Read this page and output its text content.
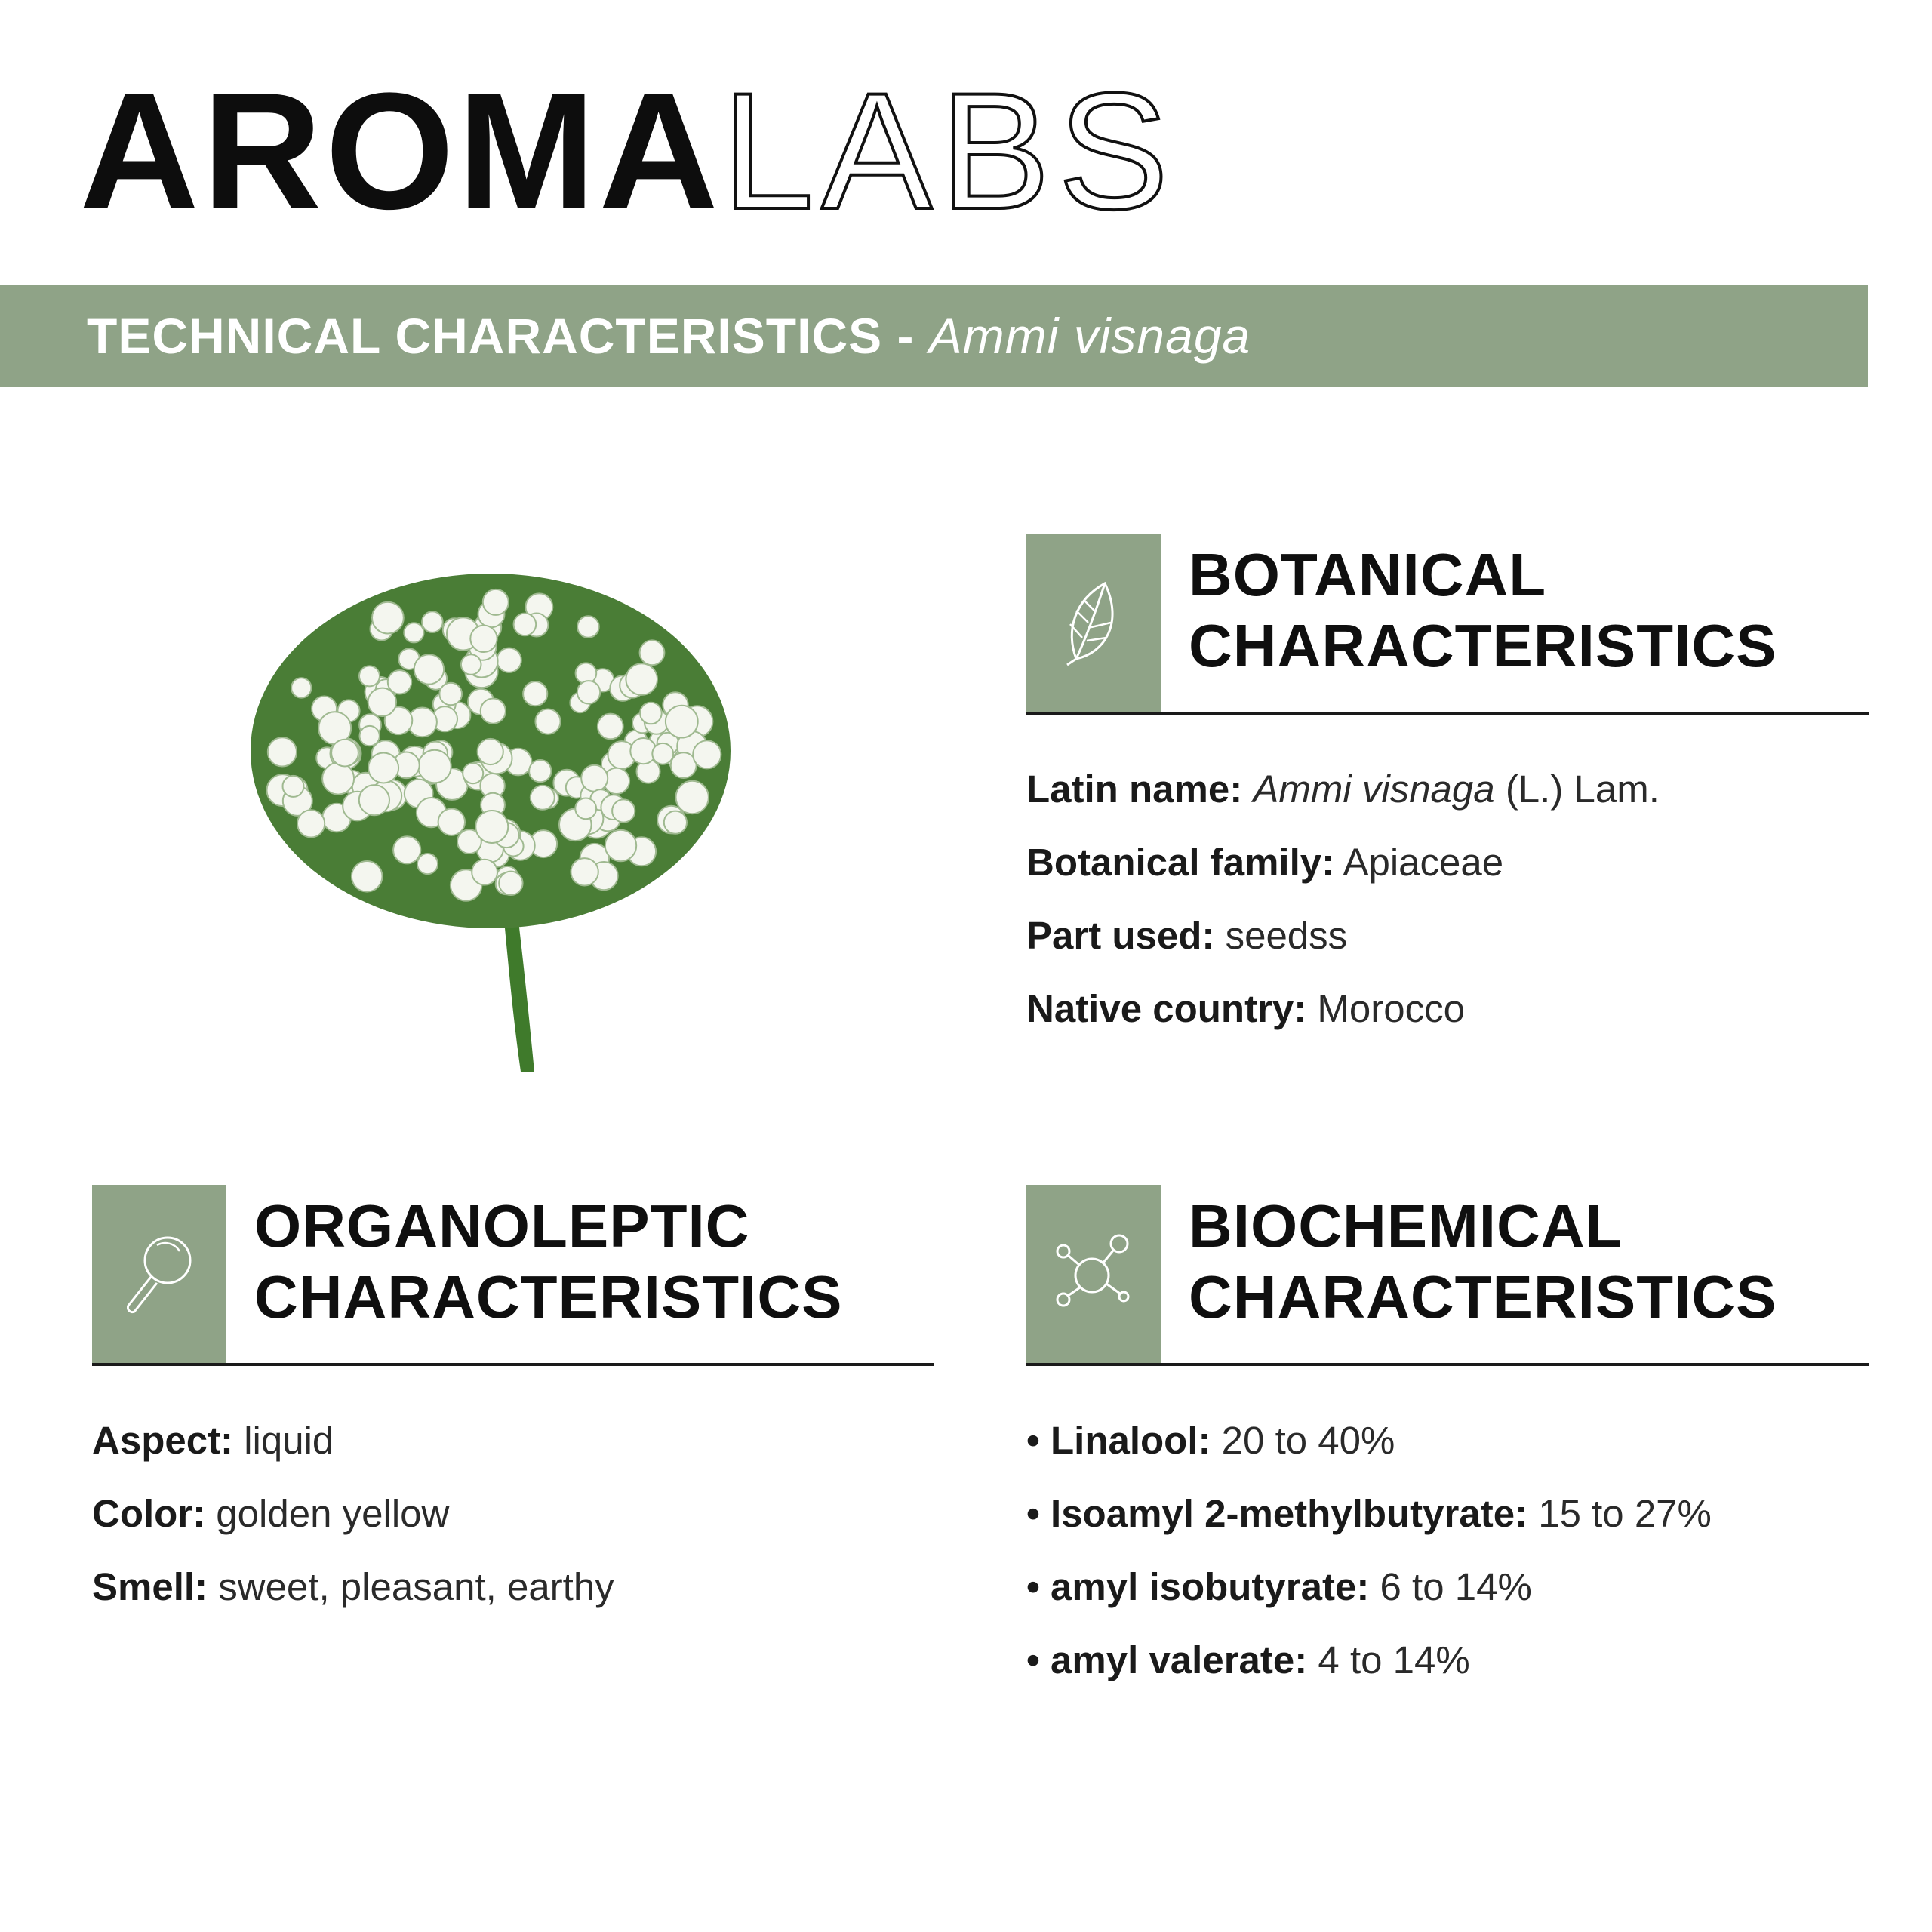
AROMALABS
TECHNICAL CHARACTERISTICS - Ammi visnaga
BOTANICAL
CHARACTERISTICS
Latin name: Ammi visnaga (L.) Lam.
Botanical family: Apiaceae
Part used: seedss
Native country: Morocco
ORGANOLEPTIC
CHARACTERISTICS
Aspect: liquid
Color: golden yellow
Smell: sweet, pleasant, earthy
BIOCHEMICAL
CHARACTERISTICS
• Linalool: 20 to 40%
• Isoamyl 2-methylbutyrate: 15 to 27%
• amyl isobutyrate: 6 to 14%
• amyl valerate: 4 to 14%
